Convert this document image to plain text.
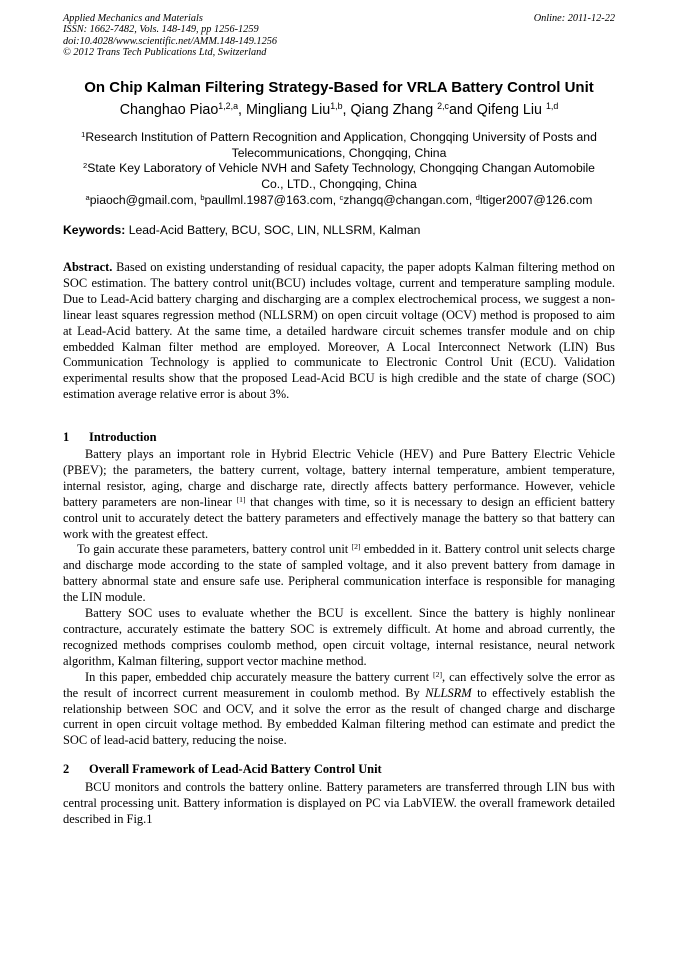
Applied Mechanics and Materials
ISSN: 1662-7482, Vols. 148-149, pp 1256-1259
doi:10.4028/www.scientific.net/AMM.148-149.1256
© 2012 Trans Tech Publications Ltd, Switzerland
Online: 2011-12-22
On Chip Kalman Filtering Strategy-Based for VRLA Battery Control Unit
Changhao Piao$^{1,2,a}$, Mingliang Liu$^{1,b}$, Qiang Zhang $^{2,c}$and Qifeng Liu $^{1,d}$
$^1$Research Institution of Pattern Recognition and Application, Chongqing University of Posts and
Telecommunications, Chongqing, China
$^2$State Key Laboratory of Vehicle NVH and Safety Technology, Chongqing Changan Automobile
Co., LTD., Chongqing, China
$^a$piaoch@gmail.com, $^b$paullml.1987@163.com, $^c$zhangq@changan.com, $^d$ltiger2007@126.com
Keywords: Lead-Acid Battery, BCU, SOC, LIN, NLLSRM, Kalman
Abstract. Based on existing understanding of residual capacity, the paper adopts Kalman filtering method on SOC estimation. The battery control unit(BCU) includes voltage, current and temperature sampling module. Due to Lead-Acid battery charging and discharging are a complex electrochemical process, we suggest a non-linear least squares regression method (NLLSRM) on open circuit voltage (OCV) method is proposed to aim at Lead-Acid battery. At the same time, a detailed hardware circuit schemes transfer module and on chip embedded Kalman filter method are employed. Moreover, A Local Interconnect Network (LIN) Bus Communication Technology is applied to communicate to Electronic Control Unit (ECU). Validation experimental results show that the proposed Lead-Acid BCU is high credible and the state of charge (SOC) estimation average relative error is about 3%.
1 Introduction

Battery plays an important role in Hybrid Electric Vehicle (HEV) and Pure Battery Electric Vehicle (PBEV); the parameters, the battery current, voltage, battery internal temperature, ambient temperature, internal resistor, aging, charge and discharge rate, directly affects battery performance. However, vehicle battery parameters are non-linear [1] that changes with time, so it is necessary to design an efficient battery control unit to accurately detect the battery parameters and effectively manage the battery so that battery can work with the greatest effect.

To gain accurate these parameters, battery control unit [2] embedded in it. Battery control unit selects charge and discharge mode according to the state of sampled voltage, and it also prevent battery from damage in battery abnormal state and ensure safe use. Peripheral communication interface is responsible for managing the LIN module.

Battery SOC uses to evaluate whether the BCU is excellent. Since the battery is highly nonlinear contracture, accurately estimate the battery SOC is extremely difficult. At home and abroad currently, the recognized methods comprises coulomb method, open circuit voltage, internal resistance, neural network algorithm, Kalman filtering, support vector machine method.

In this paper, embedded chip accurately measure the battery current [2], can effectively solve the error as the result of incorrect current measurement in coulomb method. By NLLSRM to effectively establish the relationship between SOC and OCV, and it solve the error as the result of changed charge and discharge current in open circuit voltage method. By embedded Kalman filtering method can estimate and predict the SOC of lead-acid battery, reducing the noise.

2 Overall Framework of Lead-Acid Battery Control Unit

BCU monitors and controls the battery online. Battery parameters are transferred through LIN bus with central processing unit. Battery information is displayed on PC via LabVIEW. the overall framework detailed described in Fig.1
